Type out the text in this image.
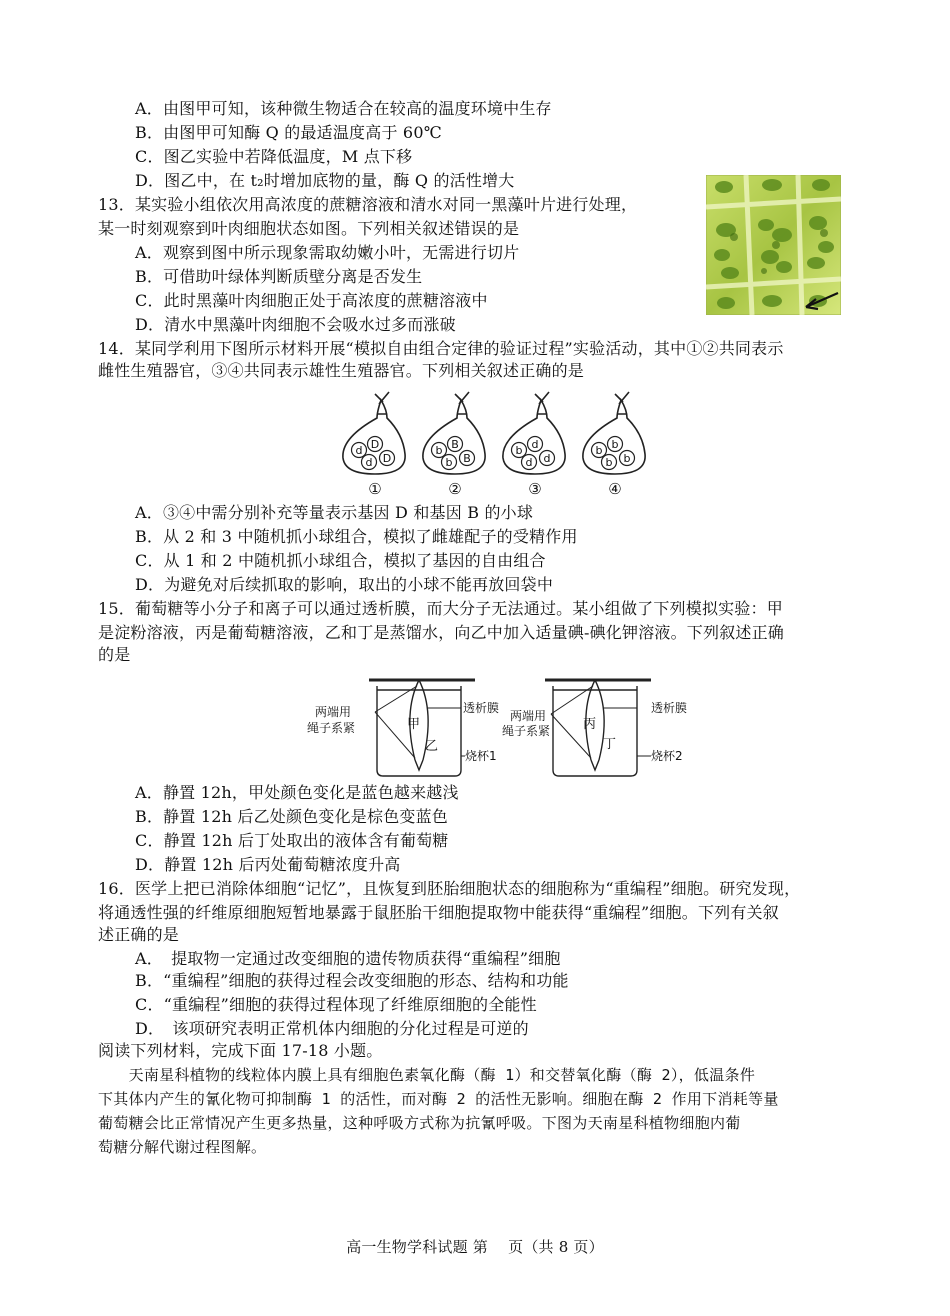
A．由图甲可知，该种微生物适合在较高的温度环境中生存
B．由图甲可知酶 Q 的最适温度高于 60℃
C．图乙实验中若降低温度，M 点下移
D．图乙中，在 t₂时增加底物的量，酶 Q 的活性增大
13．某实验小组依次用高浓度的蔗糖溶液和清水对同一黑藻叶片进行处理，
某一时刻观察到叶肉细胞状态如图。下列相关叙述错误的是
A．观察到图中所示现象需取幼嫩小叶，无需进行切片
B．可借助叶绿体判断质壁分离是否发生
C．此时黑藻叶肉细胞正处于高浓度的蔗糖溶液中
D．清水中黑藻叶肉细胞不会吸水过多而涨破
14．某同学利用下图所示材料开展“模拟自由组合定律的验证过程”实验活动，其中①②共同表示
雌性生殖器官，③④共同表示雄性生殖器官。下列相关叙述正确的是
d D
d D
①
b B
b B
②
b d
d d
③
b b
b b
④
A．③④中需分别补充等量表示基因 D 和基因 B 的小球
B．从 2 和 3 中随机抓小球组合，模拟了雌雄配子的受精作用
C．从 1 和 2 中随机抓小球组合，模拟了基因的自由组合
D．为避免对后续抓取的影响，取出的小球不能再放回袋中
15．葡萄糖等小分子和离子可以通过透析膜，而大分子无法通过。某小组做了下列模拟实验：甲
是淀粉溶液，丙是葡萄糖溶液，乙和丁是蒸馏水，向乙中加入适量碘-碘化钾溶液。下列叙述正确
的是
甲
乙
两端用
绳子系紧
透析膜
烧杯1
丙
丁
两端用
绳子系紧
透析膜
烧杯2
A．静置 12h，甲处颜色变化是蓝色越来越浅
B．静置 12h 后乙处颜色变化是棕色变蓝色
C．静置 12h 后丁处取出的液体含有葡萄糖
D．静置 12h 后丙处葡萄糖浓度升高
16．医学上把已消除体细胞“记忆”，且恢复到胚胎细胞状态的细胞称为“重编程”细胞。研究发现，
将通透性强的纤维原细胞短暂地暴露于鼠胚胎干细胞提取物中能获得“重编程”细胞。下列有关叙
述正确的是
A．　提取物一定通过改变细胞的遗传物质获得“重编程”细胞
B．“重编程”细胞的获得过程会改变细胞的形态、结构和功能
C．“重编程”细胞的获得过程体现了纤维原细胞的全能性
D．　该项研究表明正常机体内细胞的分化过程是可逆的
阅读下列材料，完成下面 17-18 小题。
　　天南星科植物的线粒体内膜上具有细胞色素氧化酶（酶 1）和交替氧化酶（酶 2），低温条件
下其体内产生的氰化物可抑制酶 1 的活性，而对酶 2 的活性无影响。细胞在酶 2 作用下消耗等量
葡萄糖会比正常情况产生更多热量，这种呼吸方式称为抗氰呼吸。下图为天南星科植物细胞内葡
萄糖分解代谢过程图解。
高一生物学科试题 第　 页（共 8 页）
